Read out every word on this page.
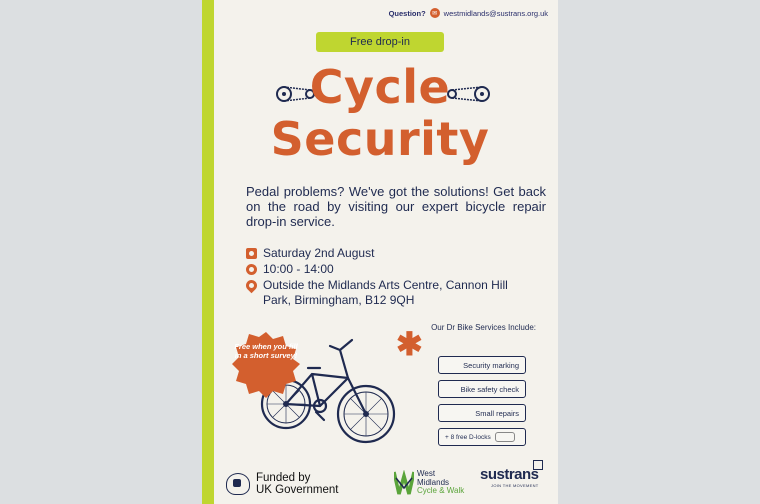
Question?	✉ westmidlands@sustrans.org.uk
Free drop-in
Cycle
Security
Pedal problems? We've got the solutions! Get back on the road by visiting our expert bicycle repair drop-in service.
Saturday 2nd August
10:00 - 14:00
Outside the Midlands Arts Centre, Cannon Hill Park, Birmingham, B12 9QH
Free when you fill in a short survey!	✱	Our Dr Bike Services Include:
Security marking
Bike safety check
Small repairs
+ 8 free D-locks
Funded by
UK Government
West
Midlands
Cycle & Walk
sustrans
JOIN THE MOVEMENT
